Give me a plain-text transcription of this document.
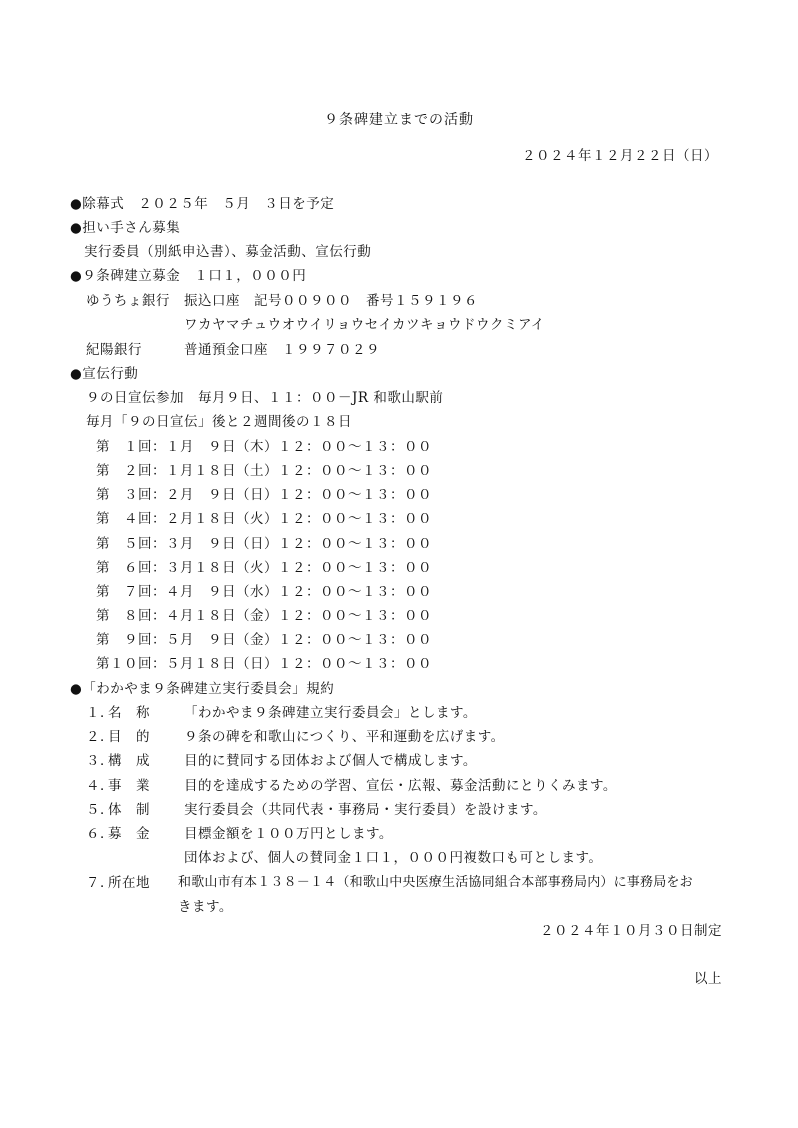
９条碑建立までの活動
２０２４年１２月２２日（日）
●除幕式　２０２５年　５月　３日を予定
●担い手さん募集
実行委員（別紙申込書）、募金活動、宣伝行動
●９条碑建立募金　１口１，０００円
ゆうちょ銀行　振込口座　記号００９００　番号１５９１９６
ワカヤマチュウオウイリョウセイカツキョウドウクミアイ
紀陽銀行　　　普通預金口座　１９９７０２９
●宣伝行動
９の日宣伝参加　毎月９日、１１：００－JR 和歌山駅前
毎月「９の日宣伝」後と２週間後の１８日
第　１回：１月　９日（木）１２：００～１３：００
第　２回：１月１８日（土）１２：００～１３：００
第　３回：２月　９日（日）１２：００～１３：００
第　４回：２月１８日（火）１２：００～１３：００
第　５回：３月　９日（日）１２：００～１３：００
第　６回：３月１８日（火）１２：００～１３：００
第　７回：４月　９日（水）１２：００～１３：００
第　８回：４月１８日（金）１２：００～１３：００
第　９回：５月　９日（金）１２：００～１３：００
第１０回：５月１８日（日）１２：００～１３：００
●「わかやま９条碑建立実行委員会」規約
１．
名　称	「わかやま９条碑建立実行委員会」とします。
２．
目　的	９条の碑を和歌山につくり、平和運動を広げます。
３．
構　成	目的に賛同する団体および個人で構成します。
４．
事　業	目的を達成するための学習、宣伝・広報、募金活動にとりくみます。
５．
体　制	実行委員会（共同代表・事務局・実行委員）を設けます。
６．
募　金	目標金額を１００万円とします。
団体および、個人の賛同金１口１，０００円複数口も可とします。
７．
所在地 和歌山市有本１３８－１４（和歌山中央医療生活協同組合本部事務局内）に事務局をお
きます。
２０２４年１０月３０日制定
以上
